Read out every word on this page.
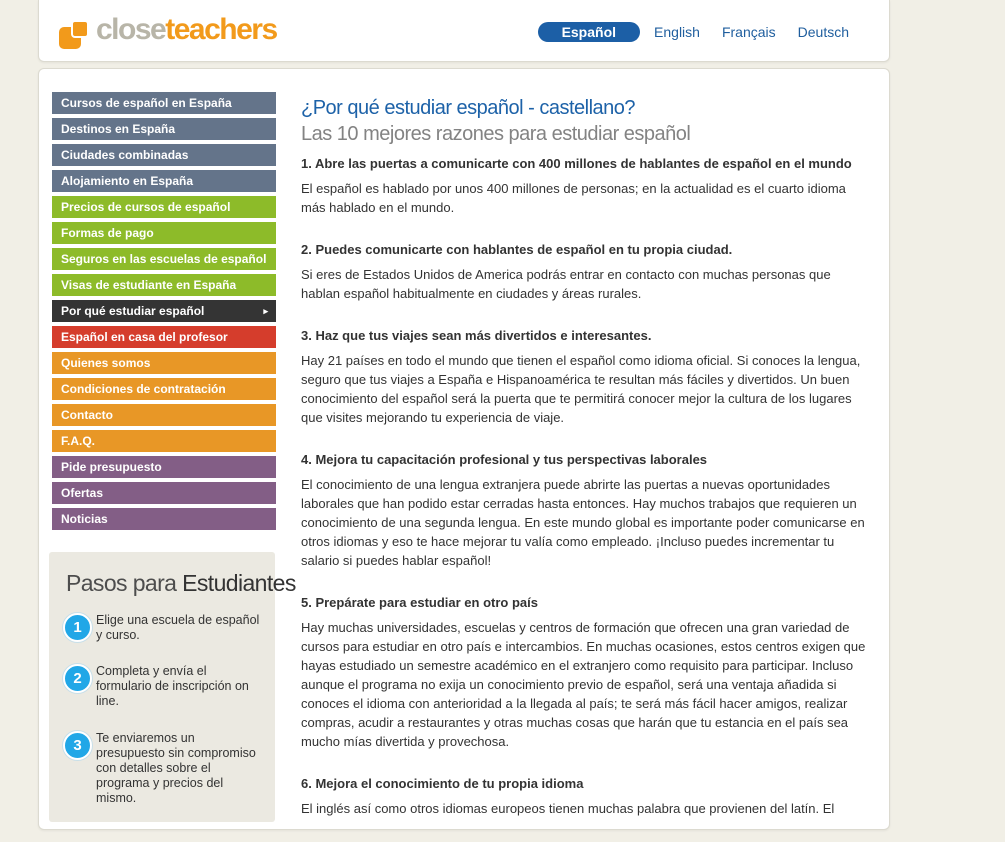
closeteachers	Español	English	Français	Deutsch
Cursos de español en España
Destinos en España
Ciudades combinadas
Alojamiento en España
Precios de cursos de español
Formas de pago
Seguros en las escuelas de español
Visas de estudiante en España
Por qué estudiar español	▸
Español en casa del profesor
Quienes somos
Condiciones de contratación
Contacto
F.A.Q.
Pide presupuesto
Ofertas
Noticias
Pasos para Estudiantes
1	Elige una escuela de español y curso.
2	Completa y envía el formulario de inscripción on line.
3	Te enviaremos un presupuesto sin compromiso con detalles sobre el programa y precios del mismo.
¿Por qué estudiar español - castellano?
Las 10 mejores razones para estudiar español
1. Abre las puertas a comunicarte con 400 millones de hablantes de español en el mundo

El español es hablado por unos 400 millones de personas; en la actualidad es el cuarto idioma más hablado en el mundo.

2. Puedes comunicarte con hablantes de español en tu propia ciudad.

Si eres de Estados Unidos de America podrás entrar en contacto con muchas personas que hablan español habitualmente en ciudades y áreas rurales.

3. Haz que tus viajes sean más divertidos e interesantes.

Hay 21 países en todo el mundo que tienen el español como idioma oficial. Si conoces la lengua, seguro que tus viajes a España e Hispanoamérica te resultan más fáciles y divertidos. Un buen conocimiento del español será la puerta que te permitirá conocer mejor la cultura de los lugares que visites mejorando tu experiencia de viaje.

4. Mejora tu capacitación profesional y tus perspectivas laborales

El conocimiento de una lengua extranjera puede abrirte las puertas a nuevas oportunidades laborales que han podido estar cerradas hasta entonces. Hay muchos trabajos que requieren un conocimiento de una segunda lengua. En este mundo global es importante poder comunicarse en otros idiomas y eso te hace mejorar tu valía como empleado. ¡Incluso puedes incrementar tu salario si puedes hablar español!

5. Prepárate para estudiar en otro país

Hay muchas universidades, escuelas y centros de formación que ofrecen una gran variedad de cursos para estudiar en otro país e intercambios. En muchas ocasiones, estos centros exigen que hayas estudiado un semestre académico en el extranjero como requisito para participar. Incluso aunque el programa no exija un conocimiento previo de español, será una ventaja añadida si conoces el idioma con anterioridad a la llegada al país; te será más fácil hacer amigos, realizar compras, acudir a restaurantes y otras muchas cosas que harán que tu estancia en el país sea mucho mías divertida y provechosa.

6. Mejora el conocimiento de tu propia idioma

El inglés así como otros idiomas europeos tienen muchas palabra que provienen del latín. El
